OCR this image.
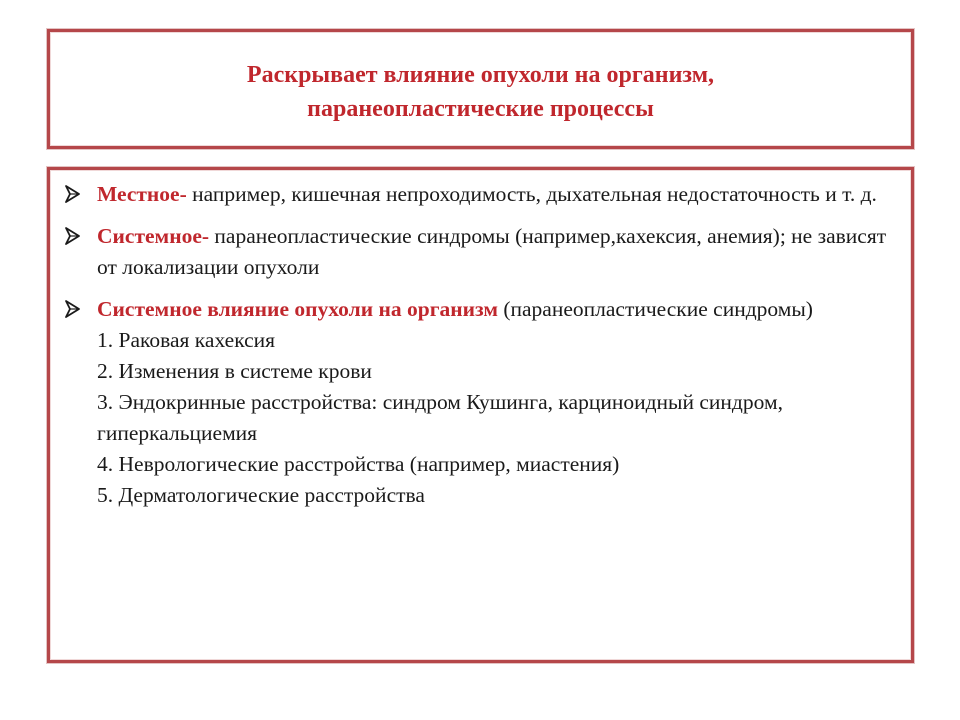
Раскрывает влияние опухоли на организм,
паранеопластические процессы
Местное- например, кишечная непроходимость, дыхательная недостаточность и т. д.
Системное- паранеопластические синдромы (например,кахексия, анемия); не зависят от локализации опухоли
Системное влияние опухоли на организм (паранеопластические синдромы)
1. Раковая кахексия
2. Изменения в системе крови
3. Эндокринные расстройства: синдром Кушинга, карциноидный синдром, гиперкальциемия
4. Неврологические расстройства (например, миастения)
5. Дерматологические расстройства
